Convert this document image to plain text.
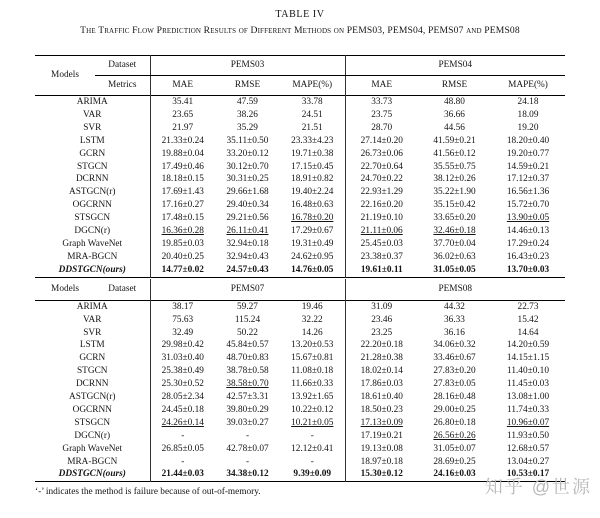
TABLE IV
The Traffic Flow Prediction Results of Different Methods on PEMS03, PEMS04, PEMS07 and PEMS08
Models	Dataset	PEMS03			PEMS04		
	Metrics	MAE	RMSE	MAPE(%)	MAE	RMSE	MAPE(%)
ARIMA		35.41	47.59	33.78	33.73	48.80	24.18
VAR		23.65	38.26	24.51	23.75	36.66	18.09
SVR		21.97	35.29	21.51	28.70	44.56	19.20
LSTM		21.33±0.24	35.11±0.50	23.33±4.23	27.14±0.20	41.59±0.21	18.20±0.40
GCRN		19.88±0.04	33.20±0.12	19.71±0.38	26.73±0.06	41.56±0.12	19.20±0.77
STGCN		17.49±0.46	30.12±0.70	17.15±0.45	22.70±0.64	35.55±0.75	14.59±0.21
DCRNN		18.18±0.15	30.31±0.25	18.91±0.82	24.70±0.22	38.12±0.26	17.12±0.37
ASTGCN(r)		17.69±1.43	29.66±1.68	19.40±2.24	22.93±1.29	35.22±1.90	16.56±1.36
OGCRNN		17.16±0.27	29.40±0.34	16.48±0.63	22.16±0.20	35.15±0.42	15.72±0.70
STSGCN		17.48±0.15	29.21±0.56	16.78±0.20	21.19±0.10	33.65±0.20	13.90±0.05
DGCN(r)		16.36±0.28	26.11±0.41	17.29±0.67	21.11±0.06	32.46±0.18	14.46±0.13
Graph WaveNet		19.85±0.03	32.94±0.18	19.31±0.49	25.45±0.03	37.70±0.04	17.29±0.24
MRA-BGCN		20.40±0.25	32.94±0.43	24.62±0.95	23.38±0.37	36.02±0.63	16.43±0.23
DDSTGCN(ours)		14.77±0.02	24.57±0.43	14.76±0.05	19.61±0.11	31.05±0.05	13.70±0.03
Models	Dataset	PEMS07			PEMS08		
ARIMA		38.17	59.27	19.46	31.09	44.32	22.73
VAR		75.63	115.24	32.22	23.46	36.33	15.42
SVR		32.49	50.22	14.26	23.25	36.16	14.64
LSTM		29.98±0.42	45.84±0.57	13.20±0.53	22.20±0.18	34.06±0.32	14.20±0.59
GCRN		31.03±0.40	48.70±0.83	15.67±0.81	21.28±0.38	33.46±0.67	14.15±1.15
STGCN		25.38±0.49	38.78±0.58	11.08±0.18	18.02±0.14	27.83±0.20	11.40±0.10
DCRNN		25.30±0.52	38.58±0.70	11.66±0.33	17.86±0.03	27.83±0.05	11.45±0.03
ASTGCN(r)		28.05±2.34	42.57±3.31	13.92±1.65	18.61±0.40	28.16±0.48	13.08±1.00
OGCRNN		24.45±0.18	39.80±0.29	10.22±0.12	18.50±0.23	29.00±0.25	11.74±0.33
STSGCN		24.26±0.14	39.03±0.27	10.21±0.05	17.13±0.09	26.80±0.18	10.96±0.07
DGCN(r)		-	-	-	17.19±0.21	26.56±0.26	11.93±0.50
Graph WaveNet		26.85±0.05	42.78±0.07	12.12±0.41	19.13±0.08	31.05±0.07	12.68±0.57
MRA-BGCN		-	-	-	18.97±0.18	28.69±0.25	13.04±0.27
DDSTGCN(ours)		21.44±0.03	34.38±0.12	9.39±0.09	15.30±0.12	24.16±0.03	10.53±0.17
‘-’ indicates the method is failure because of out-of-memory.	知乎 @世源
